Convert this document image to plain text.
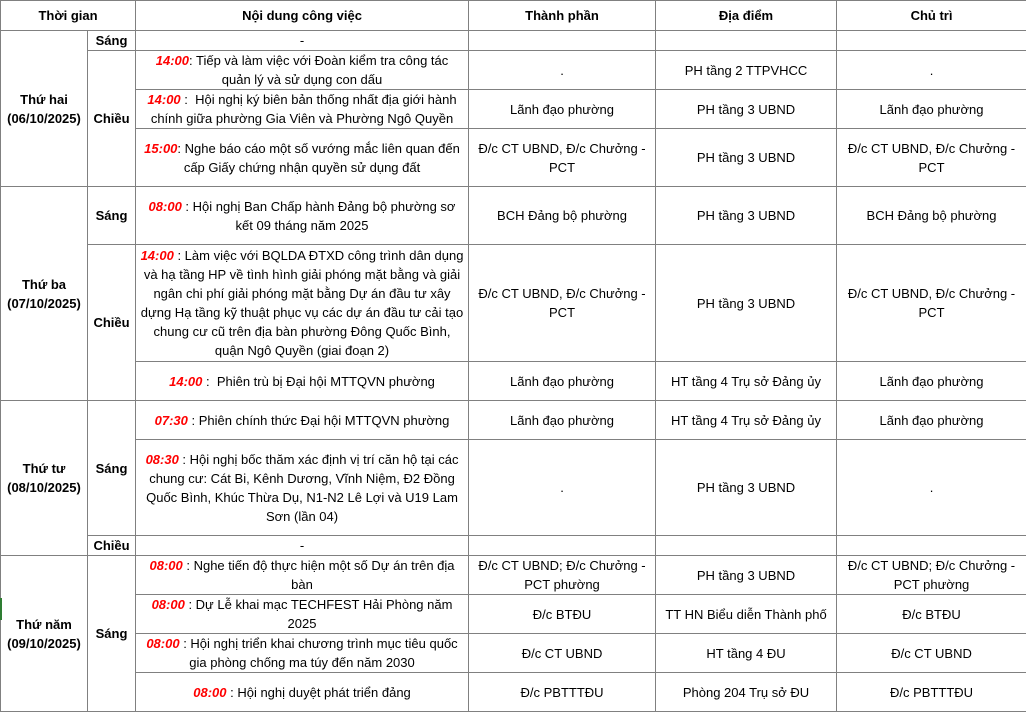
Thời gian		Nội dung công việc	Thành phần	Địa điểm	Chủ trì

Thứ hai
(06/10/2025)	Sáng	-			
	Chiều	14:00: Tiếp và làm việc với Đoàn kiểm tra công tác quản lý và sử dụng con dấu	.	PH tầng 2 TTPVHCC	.
		14:00 :  Hội nghị ký biên bản thống nhất địa giới hành chính giữa phường Gia Viên và Phường Ngô Quyền	Lãnh đạo phường	PH tầng 3 UBND	Lãnh đạo phường
		15:00: Nghe báo cáo một số vướng mắc liên quan đến cấp Giấy chứng nhận quyền sử dụng đất	Đ/c CT UBND, Đ/c Chưởng - PCT	PH tầng 3 UBND	Đ/c CT UBND, Đ/c Chưởng - PCT

Thứ ba
(07/10/2025)	Sáng	08:00 : Hội nghị Ban Chấp hành Đảng bộ phường sơ kết 09 tháng năm 2025	BCH Đảng bộ phường	PH tầng 3 UBND	BCH Đảng bộ phường
	Chiều	14:00 : Làm việc với BQLDA ĐTXD công trình dân dụng và hạ tầng HP về tình hình giải phóng mặt bằng và giải ngân chi phí giải phóng mặt bằng Dự án đầu tư xây dựng Hạ tầng kỹ thuật phục vụ các dự án đầu tư cải tạo chung cư cũ trên địa bàn phường Đông Quốc Bình, quận Ngô Quyền (giai đoạn 2)	Đ/c CT UBND, Đ/c Chưởng - PCT	PH tầng 3 UBND	Đ/c CT UBND, Đ/c Chưởng - PCT
		14:00 :  Phiên trù bị Đại hội MTTQVN phường	Lãnh đạo phường	HT tầng 4 Trụ sở Đảng ủy	Lãnh đạo phường

Thứ tư
(08/10/2025)	Sáng	07:30 : Phiên chính thức Đại hội MTTQVN phường	Lãnh đạo phường	HT tầng 4 Trụ sở Đảng ủy	Lãnh đạo phường
		08:30 : Hội nghị bốc thăm xác định vị trí căn hộ tại các chung cư: Cát Bi, Kênh Dương, Vĩnh Niệm, Đ2 Đồng Quốc Bình, Khúc Thừa Dụ, N1-N2 Lê Lợi và U19 Lam Sơn (lần 04)	.	PH tầng 3 UBND	.
	Chiều	-			

Thứ năm
(09/10/2025)	Sáng	08:00 : Nghe tiến độ thực hiện một số Dự án trên địa bàn	Đ/c CT UBND; Đ/c Chưởng - PCT phường	PH tầng 3 UBND	Đ/c CT UBND; Đ/c Chưởng - PCT phường
		08:00 : Dự Lễ khai mạc TECHFEST Hải Phòng năm 2025	Đ/c BTĐU	TT HN Biểu diễn Thành phố	Đ/c BTĐU
		08:00 : Hội nghị triển khai chương trình mục tiêu quốc gia phòng chống ma túy đến năm 2030	Đ/c CT UBND	HT tầng 4 ĐU	Đ/c CT UBND
		08:00 : Hội nghị duyệt phát triển đảng	Đ/c PBTTTĐU	Phòng 204 Trụ sở ĐU	Đ/c PBTTTĐU
